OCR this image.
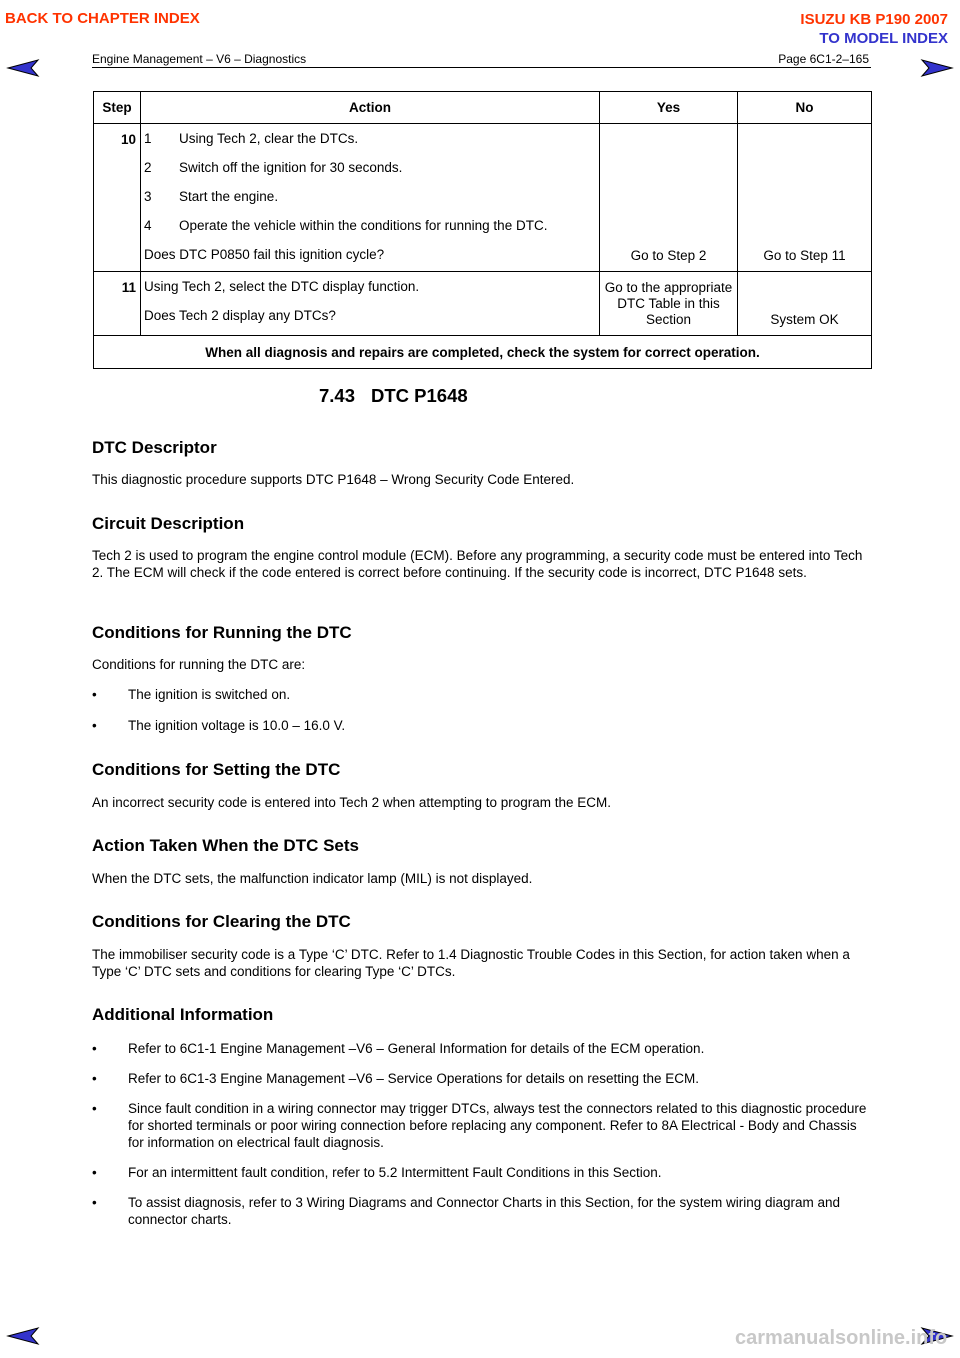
BACK TO CHAPTER INDEX	ISUZU KB P190 2007
TO MODEL INDEX
Engine Management – V6 – Diagnostics	Page 6C1-2–165
Step	Action	Yes	No
10	1 Using Tech 2, clear the DTCs.
2 Switch off the ignition for 30 seconds.
3 Start the engine.
4 Operate the vehicle within the conditions for running the DTC.
Does DTC P0850 fail this ignition cycle?	Go to Step 2	Go to Step 11
11	Using Tech 2, select the DTC display function.
Does Tech 2 display any DTCs?	Go to the appropriate DTC Table in this Section	System OK
When all diagnosis and repairs are completed, check the system for correct operation.			
7.43 DTC P1648
DTC Descriptor

This diagnostic procedure supports DTC P1648 – Wrong Security Code Entered.

Circuit Description

Tech 2 is used to program the engine control module (ECM). Before any programming, a security code must be entered into Tech 2. The ECM will check if the code entered is correct before continuing. If the security code is incorrect, DTC P1648 sets.

Conditions for Running the DTC

Conditions for running the DTC are:

•	The ignition is switched on.
•	The ignition voltage is 10.0 – 16.0 V.
Conditions for Setting the DTC

An incorrect security code is entered into Tech 2 when attempting to program the ECM.

Action Taken When the DTC Sets

When the DTC sets, the malfunction indicator lamp (MIL) is not displayed.

Conditions for Clearing the DTC

The immobiliser security code is a Type ‘C’ DTC. Refer to 1.4 Diagnostic Trouble Codes in this Section, for action taken when a Type ‘C’ DTC sets and conditions for clearing Type ‘C’ DTCs.

Additional Information
•	Refer to 6C1-1 Engine Management –V6 – General Information for details of the ECM operation.
•	Refer to 6C1-3 Engine Management –V6 – Service Operations for details on resetting the ECM.
•	Since fault condition in a wiring connector may trigger DTCs, always test the connectors related to this diagnostic procedure for shorted terminals or poor wiring connection before replacing any component. Refer to 8A Electrical - Body and Chassis for information on electrical fault diagnosis.
•	For an intermittent fault condition, refer to 5.2 Intermittent Fault Conditions in this Section.
•	To assist diagnosis, refer to 3 Wiring Diagrams and Connector Charts in this Section, for the system wiring diagram and connector charts.
carmanualsonline.info
